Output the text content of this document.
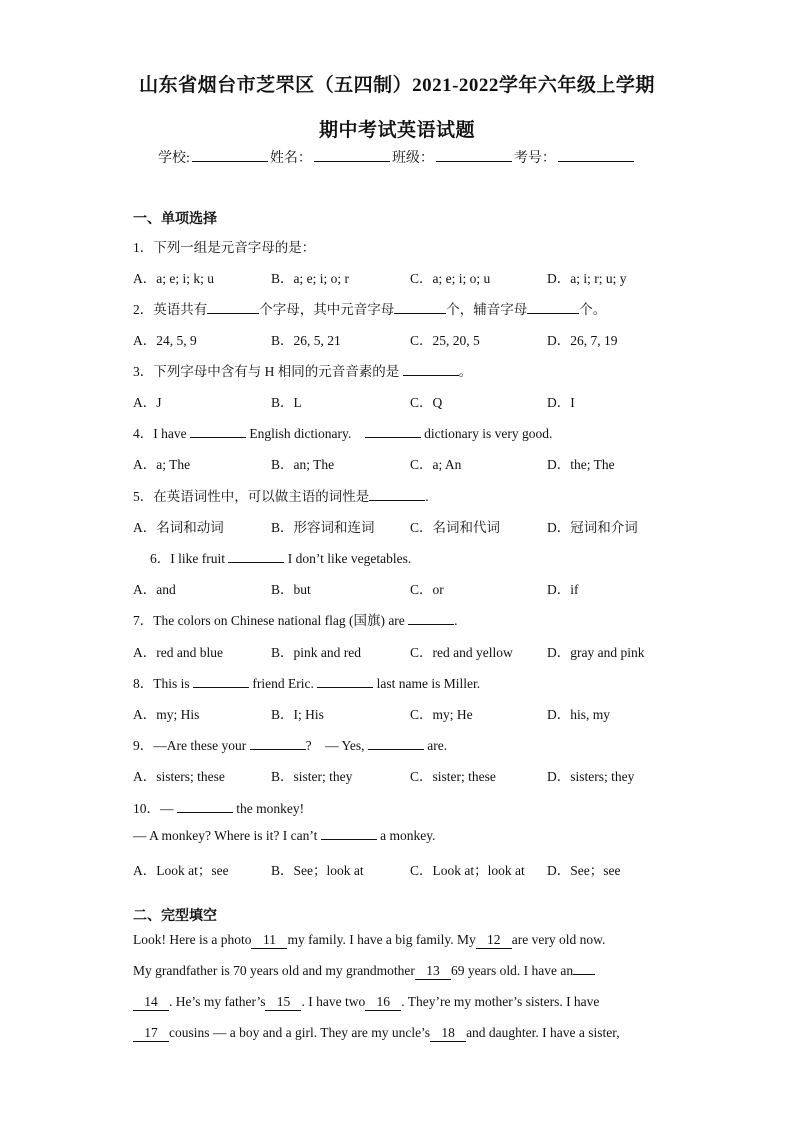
山东省烟台市芝罘区（五四制）2021-2022学年六年级上学期
期中考试英语试题
学校:	姓名：	班级：	考号：
一、单项选择
1．下列一组是元音字母的是：
A．a; e; i; k; u	B．a; e; i; o; r	C．a; e; i; o; u	D．a; i; r; u; y
2．英语共有	个字母，其中元音字母	个，辅音字母	个。
A．24, 5, 9	B．26, 5, 21	C．25, 20, 5	D．26, 7, 19
3．下列字母中含有与 H 相同的元音音素的是	。
A．J	B．L	C．Q	D．I
4．I have	English dictionary.	dictionary is very good.
A．a; The	B．an; The	C．a; An	D．the; The
5．在英语词性中，可以做主语的词性是	.
A．名词和动词	B．形容词和连词	C．名词和代词	D．冠词和介词
6．I like fruit	I don’t like vegetables.
A．and	B．but	C．or	D．if
7．The colors on Chinese national flag (国旗) are	.
A．red and blue	B．pink and red	C．red and yellow	D．gray and pink
8．This is	friend Eric.	last name is Miller.
A．my; His	B．I; His	C．my; He	D．his, my
9．—Are these your	?    — Yes,	are.
A．sisters; these	B．sister; they	C．sister; these	D．sisters; they
10．—	the monkey!
— A monkey? Where is it? I can’t	a monkey.
A．Look at；see	B．See；look at	C．Look at；look at D．See；see
二、完型填空
Look! Here is a photo 11 my family. I have a big family. My 12 are very old now.
My grandfather is 70 years old and my grandmother 13 69 years old. I have an
14 . He’s my father’s 15 . I have two 16 . They’re my mother’s sisters. I have
17 cousins — a boy and a girl. They are my uncle’s 18 and daughter. I have a sister,
